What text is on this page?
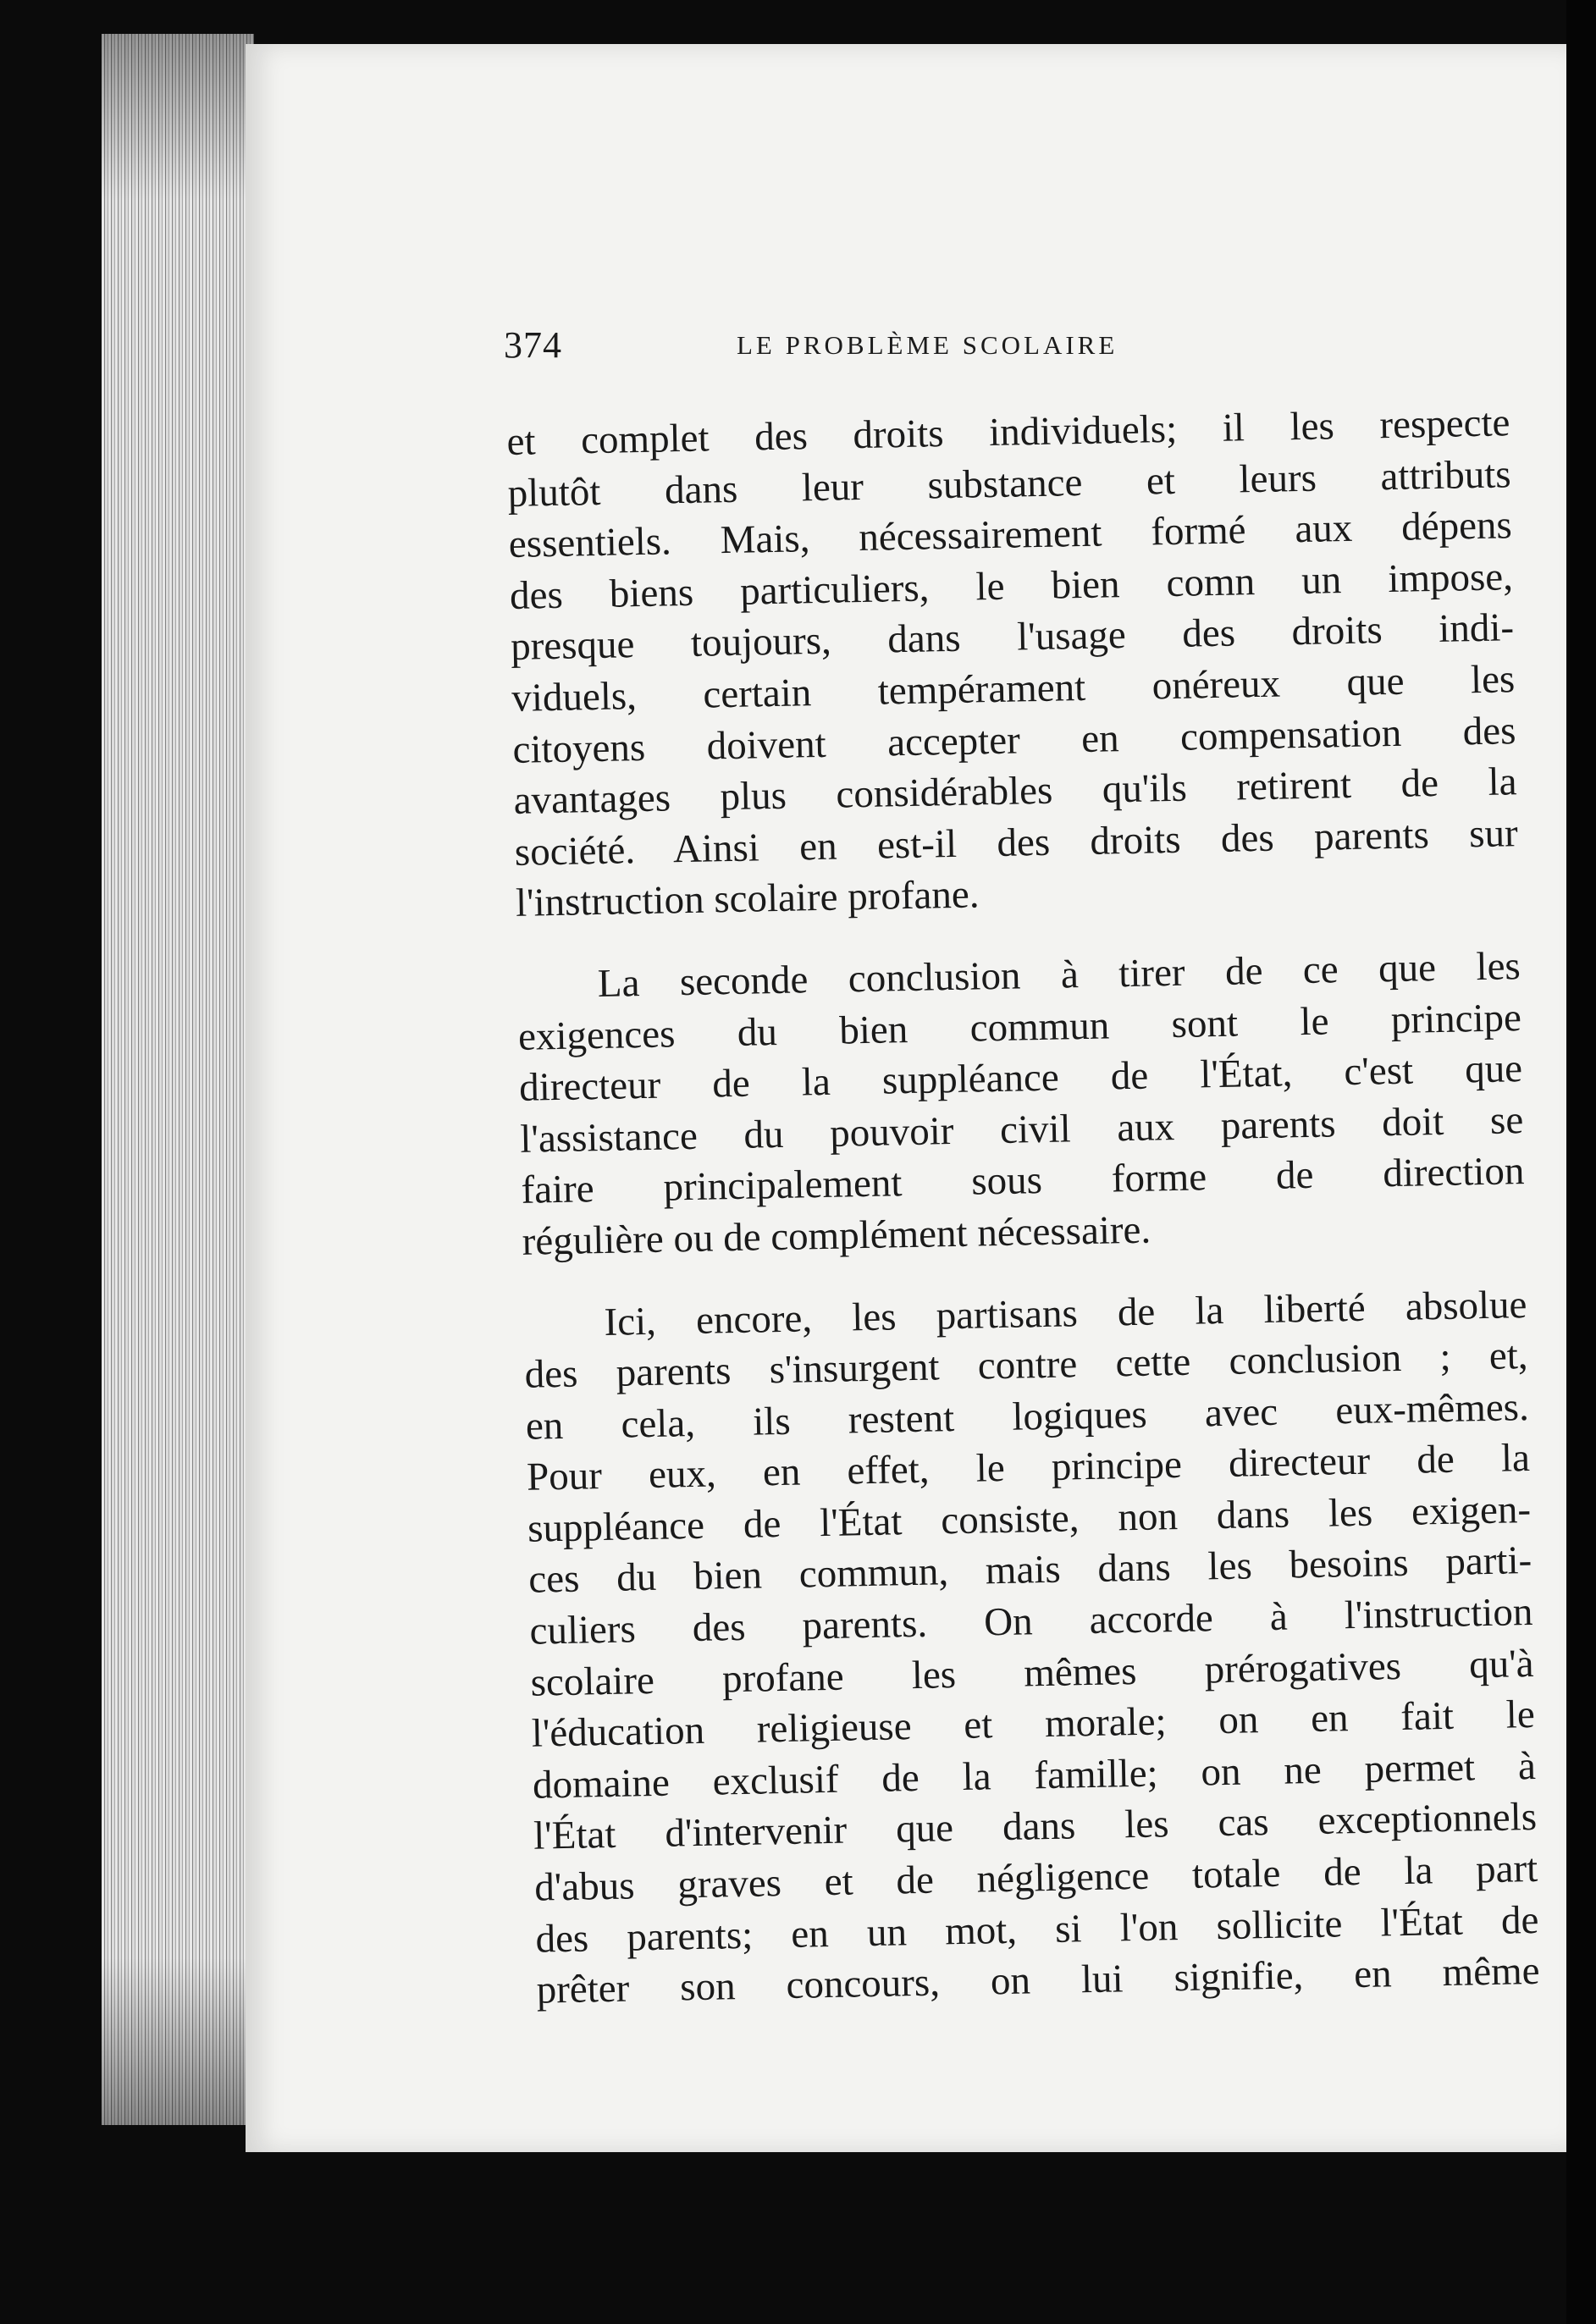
374	LE PROBLÈME SCOLAIRE
et complet des droits individuels; il les respecte
plutôt dans leur substance et leurs attributs
essentiels. Mais, nécessairement formé aux dépens
des biens particuliers, le bien comn un impose,
presque toujours, dans l'usage des droits indi-
viduels, certain tempérament onéreux que les
citoyens doivent accepter en compensation des
avantages plus considérables qu'ils retirent de la
société. Ainsi en est-il des droits des parents sur
l'instruction scolaire profane.
La seconde conclusion à tirer de ce que les
exigences du bien commun sont le principe
directeur de la suppléance de l'État, c'est que
l'assistance du pouvoir civil aux parents doit se
faire principalement sous forme de direction
régulière ou de complément nécessaire.
Ici, encore, les partisans de la liberté absolue
des parents s'insurgent contre cette conclusion ; et,
en cela, ils restent logiques avec eux-mêmes.
Pour eux, en effet, le principe directeur de la
suppléance de l'État consiste, non dans les exigen-
ces du bien commun, mais dans les besoins parti-
culiers des parents. On accorde à l'instruction
scolaire profane les mêmes prérogatives qu'à
l'éducation religieuse et morale; on en fait le
domaine exclusif de la famille; on ne permet à
l'État d'intervenir que dans les cas exceptionnels
d'abus graves et de négligence totale de la part
des parents; en un mot, si l'on sollicite l'État de
prêter son concours, on lui signifie, en même
